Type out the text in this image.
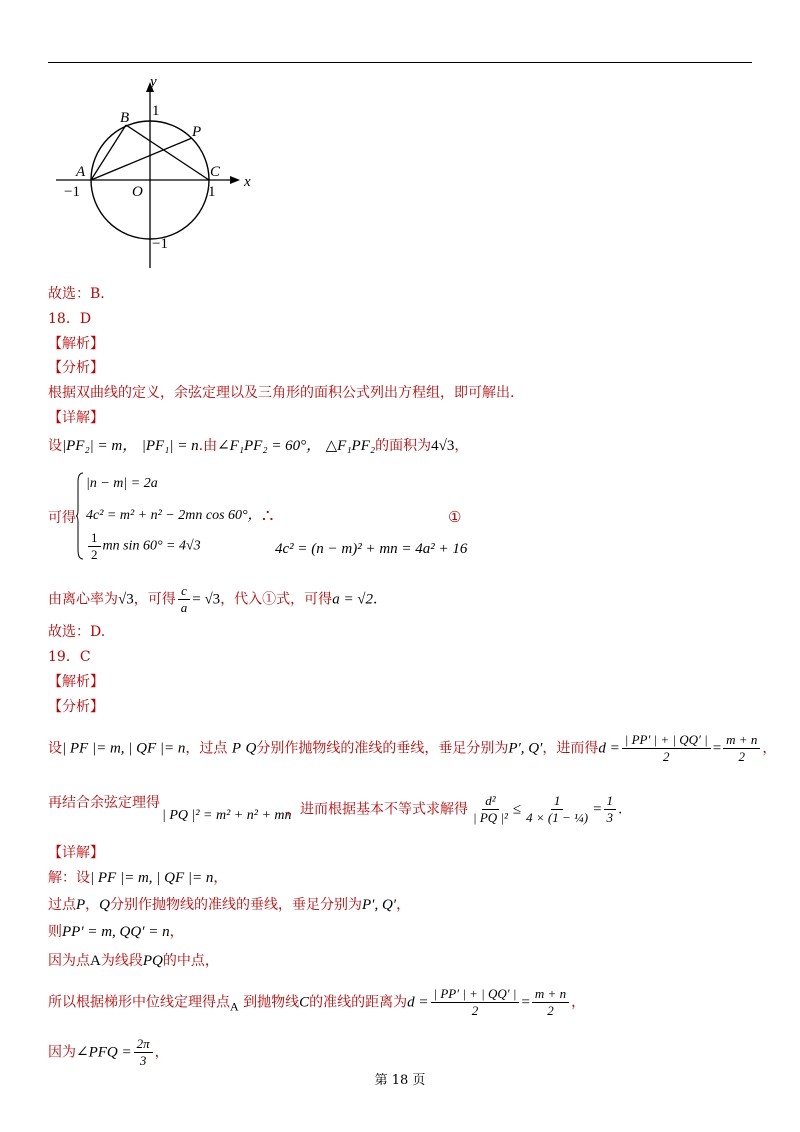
y
x
B
P
A	C
O
1
−1	1
−1
故选：B.
18．D
【解析】
【分析】
根据双曲线的定义，余弦定理以及三角形的面积公式列出方程组，即可解出.
【详解】
设|PF₂| = m， |PF₁| = n.由∠F₁PF₂ = 60°， △F₁PF₂的面积为4√3，
可得
|n − m| = 2a
4c² = m² + n² − 2mn cos 60°，
$\frac{1}{2}$ mn sin 60° = 4√3
∴	①
4c² = (n − m)² + mn = 4a² + 16
由离心率为√3，可得 $\frac{c}{a} = √3$，代入①式，可得a = √2.
故选：D.
19．C
【解析】
【分析】
设| PF |= m, | QF |= n，过点 P Q分别作抛物线的准线的垂线，垂足分别为P′, Q′，进而得$d = \frac{| PP' | + | QQ' |}{2} = \frac{m + n}{2}$ ，
再结合余弦定理得
| PQ |² = m² + n² + mn
，进而根据基本不等式求解得 $\frac{\text{d²}}{\text{| PQ |²}} \le \frac{1}{\text{4 × (1 − ¼)}} = \frac{1}{3}$ .
【详解】
解：设| PF |= m, | QF |= n，
过点P，Q分别作抛物线的准线的垂线，垂足分别为P′, Q′，
则PP′ = m, QQ′ = n，
因为点A为线段PQ的中点，
所以根据梯形中位线定理得点A 到抛物线C的准线的距离为$d = \frac{| PP' | + | QQ' |}{2} = \frac{m + n}{2}$ ，
因为∠PFQ = $\frac{2\pi}{3}$ ，
第 18 页
